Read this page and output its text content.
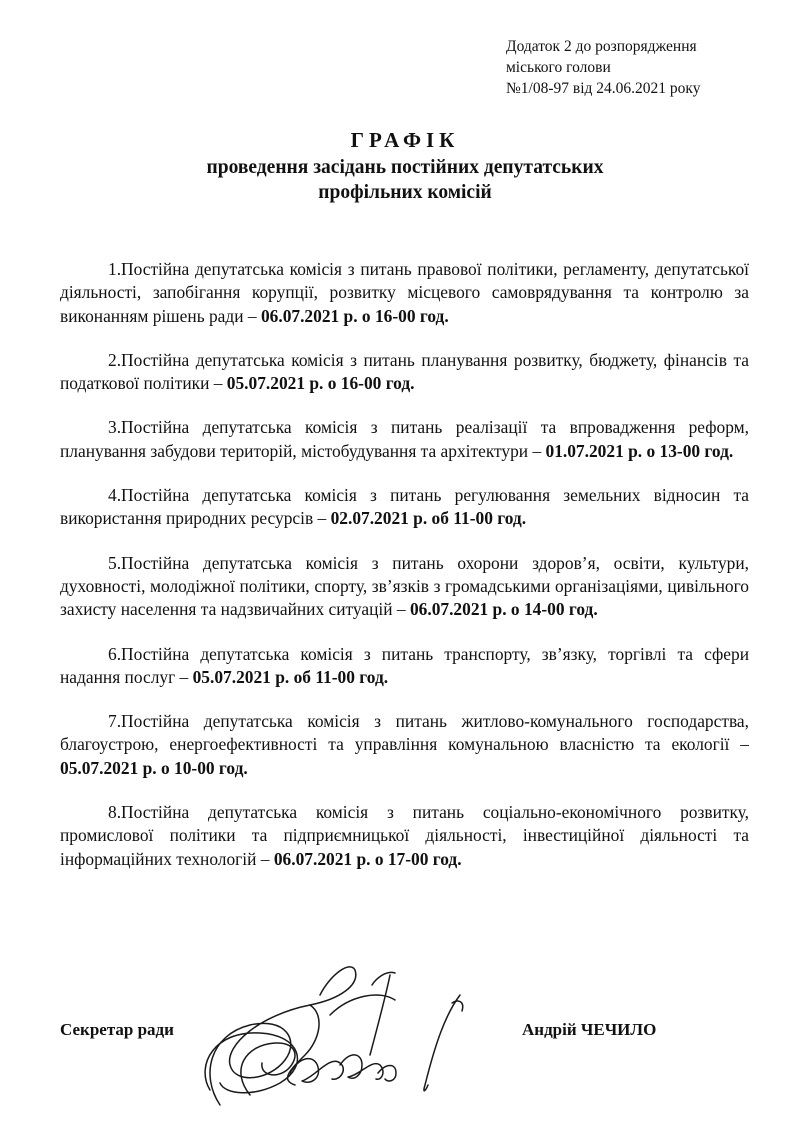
Додаток 2 до розпорядження
міського голови
№1/08-97 від 24.06.2021 року
ГРАФІК
проведення засідань постійних депутатських
профільних комісій

1.Постійна депутатська комісія з питань правової політики, регламенту, депутатської діяльності, запобігання корупції, розвитку місцевого самоврядування та контролю за виконанням рішень ради – 06.07.2021 р. о 16-00 год.

2.Постійна депутатська комісія з питань планування розвитку, бюджету, фінансів та податкової політики – 05.07.2021 р. о 16-00 год.

3.Постійна депутатська комісія з питань реалізації та впровадження реформ, планування забудови територій, містобудування та архітектури – 01.07.2021 р. о 13-00 год.

4.Постійна депутатська комісія з питань регулювання земельних відносин та використання природних ресурсів – 02.07.2021 р. об 11-00 год.

5.Постійна депутатська комісія з питань охорони здоров’я, освіти, культури, духовності, молодіжної політики, спорту, зв’язків з громадськими організаціями, цивільного захисту населення та надзвичайних ситуацій – 06.07.2021 р. о 14-00 год.

6.Постійна депутатська комісія з питань транспорту, зв’язку, торгівлі та сфери надання послуг – 05.07.2021 р. об 11-00 год.

7.Постійна депутатська комісія з питань житлово-комунального господарства, благоустрою, енергоефективності та управління комунальною власністю та екології – 05.07.2021 р. о 10-00 год.

8.Постійна депутатська комісія з питань соціально-економічного розвитку, промислової політики та підприємницької діяльності, інвестиційної діяльності та інформаційних технологій – 06.07.2021 р. о 17-00 год.

Секретар ради	Андрій ЧЕЧИЛО
